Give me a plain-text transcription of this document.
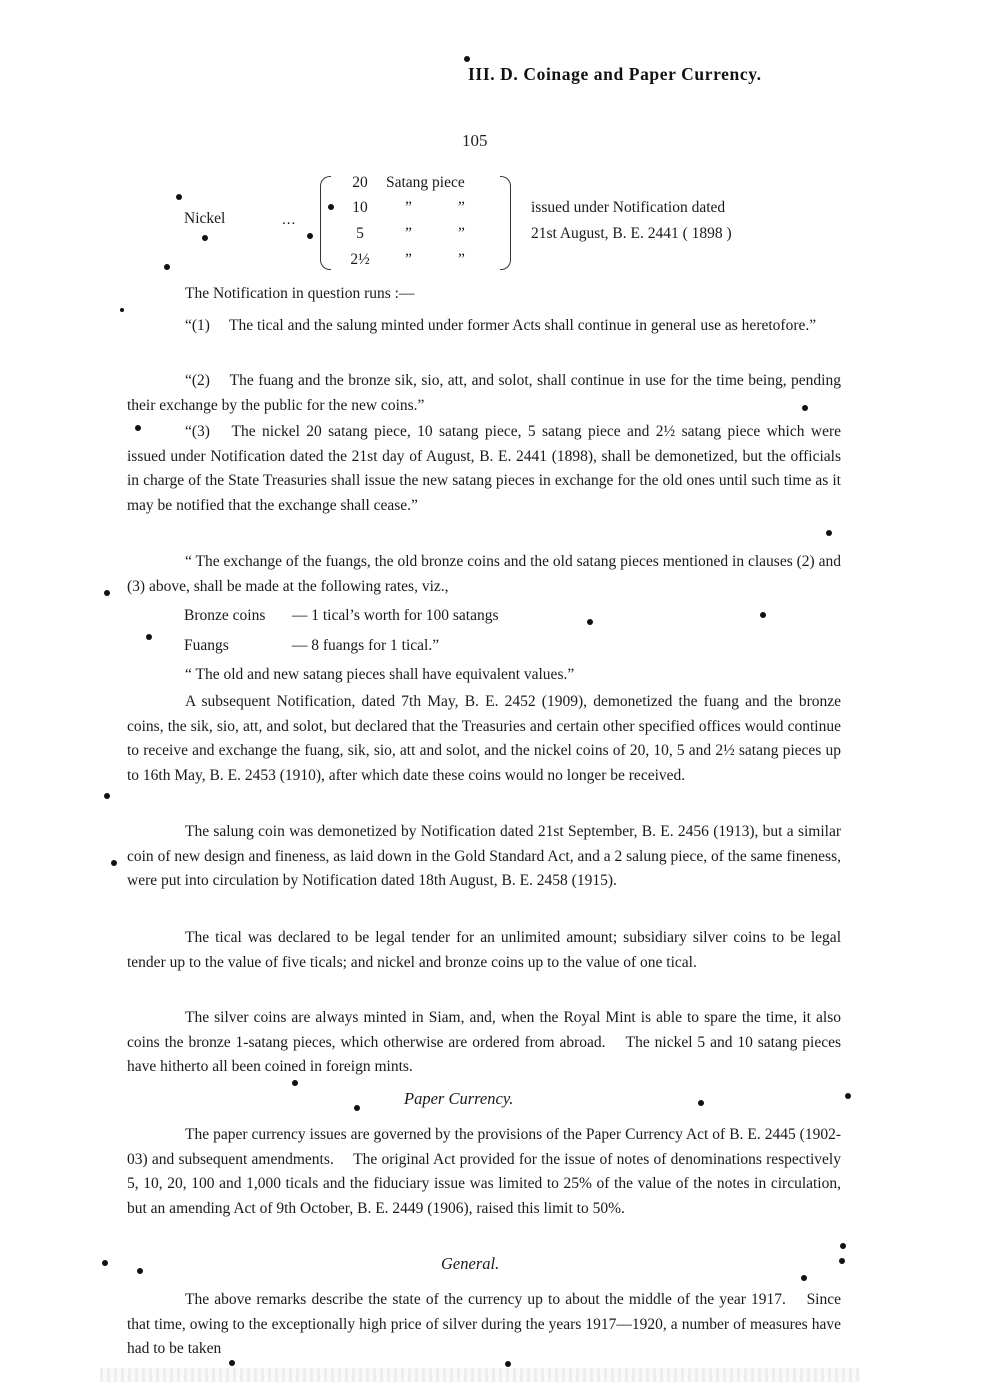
III. D. Coinage and Paper Currency.
105
Nickel	...
20	Satang piece
10	”	”
5	”	”
2½	”	”
issued under Notification dated
21st August, B. E. 2441 ( 1898 )
The Notification in question runs :—
“(1)  The tical and the salung minted under former Acts shall continue in general use as heretofore.”
“(2)  The fuang and the bronze sik, sio, att, and solot, shall continue in use for the time being, pending their exchange by the public for the new coins.”
“(3)  The nickel 20 satang piece, 10 satang piece, 5 satang piece and 2½ satang piece which were issued under Notification dated the 21st day of August, B. E. 2441 (1898), shall be demonetized, but the officials in charge of the State Treasuries shall issue the new satang pieces in exchange for the old ones until such time as it may be notified that the exchange shall cease.”
“ The exchange of the fuangs, the old bronze coins and the old satang pieces mentioned in clauses (2) and (3) above, shall be made at the following rates, viz.,
Bronze coins — 1 tical’s worth for 100 satangs
Fuangs	— 8 fuangs for 1 tical.”
“ The old and new satang pieces shall have equivalent values.”
A subsequent Notification, dated 7th May, B. E. 2452 (1909), demonetized the fuang and the bronze coins, the sik, sio, att, and solot, but declared that the Treasuries and certain other specified offices would continue to receive and exchange the fuang, sik, sio, att and solot, and the nickel coins of 20, 10, 5 and 2½ satang pieces up to 16th May, B. E. 2453 (1910), after which date these coins would no longer be received.
The salung coin was demonetized by Notification dated 21st September, B. E. 2456 (1913), but a similar coin of new design and fineness, as laid down in the Gold Standard Act, and a 2 salung piece, of the same fineness, were put into circulation by Notification dated 18th August, B. E. 2458 (1915).
The tical was declared to be legal tender for an unlimited amount; subsidiary silver coins to be legal tender up to the value of five ticals; and nickel and bronze coins up to the value of one tical.
The silver coins are always minted in Siam, and, when the Royal Mint is able to spare the time, it also coins the bronze 1-satang pieces, which otherwise are ordered from abroad.  The nickel 5 and 10 satang pieces have hitherto all been coined in foreign mints.
Paper Currency.
The paper currency issues are governed by the provisions of the Paper Currency Act of B. E. 2445 (1902-03) and subsequent amendments.  The original Act provided for the issue of notes of denominations respectively 5, 10, 20, 100 and 1,000 ticals and the fiduciary issue was limited to 25% of the value of the notes in circulation, but an amending Act of 9th October, B. E. 2449 (1906), raised this limit to 50%.
General.
The above remarks describe the state of the currency up to about the middle of the year 1917.  Since that time, owing to the exceptionally high price of silver during the years 1917—1920, a number of measures have had to be taken
